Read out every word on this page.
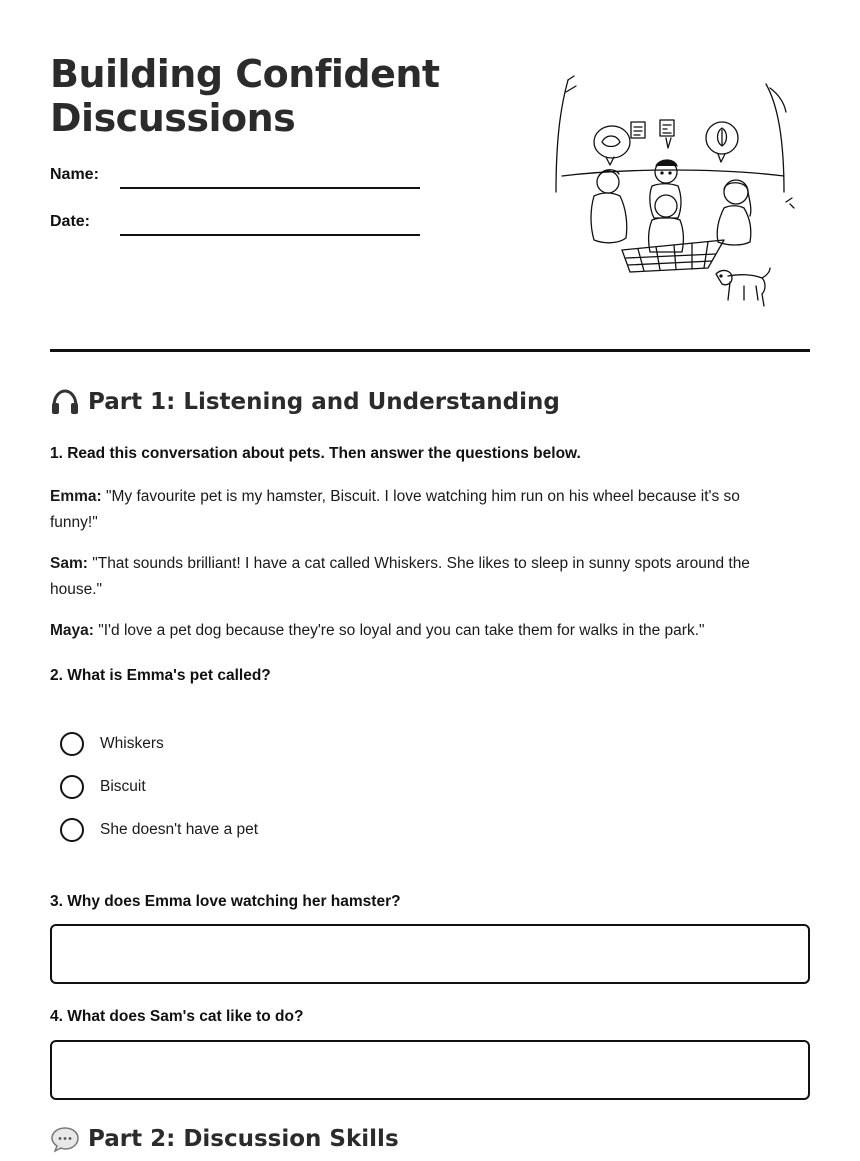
Building Confident Discussions
Name:
Date:
Part 1: Listening and Understanding
1. Read this conversation about pets. Then answer the questions below.

Emma: "My favourite pet is my hamster, Biscuit. I love watching him run on his wheel because it's so funny!"

Sam: "That sounds brilliant! I have a cat called Whiskers. She likes to sleep in sunny spots around the house."

Maya: "I'd love a pet dog because they're so loyal and you can take them for walks in the park."

2. What is Emma's pet called?
Whiskers
Biscuit
She doesn't have a pet
3. Why does Emma love watching her hamster?
4. What does Sam's cat like to do?
Part 2: Discussion Skills
